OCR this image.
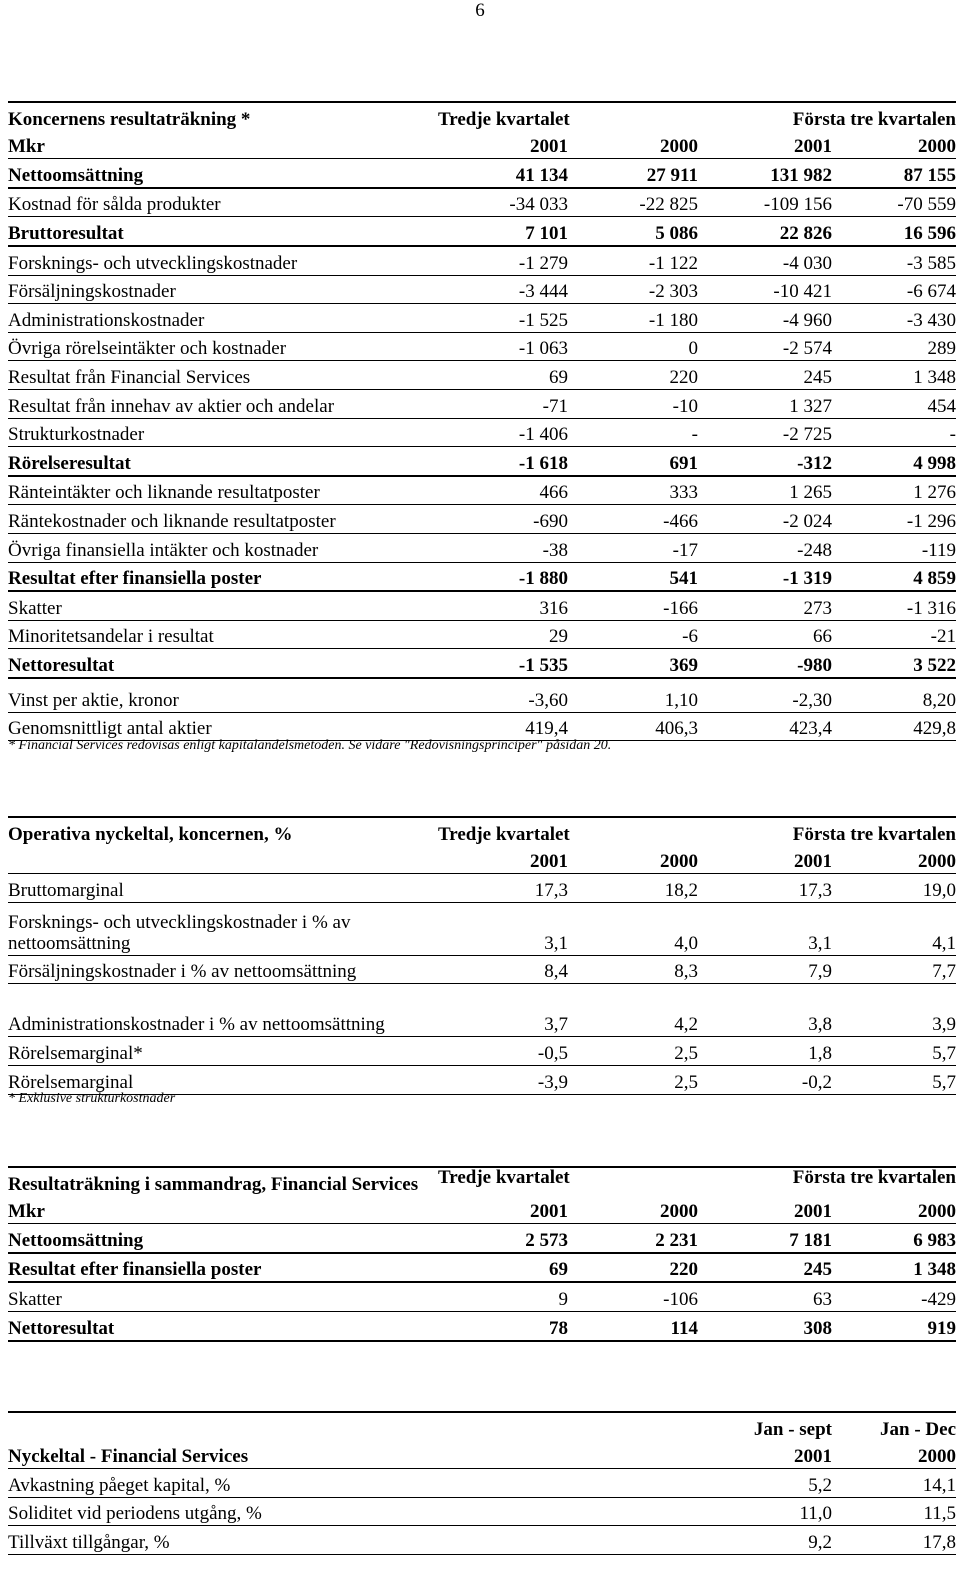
6
Koncernens resultaträkning *	Tredje kvartalet		Första tre kvartalen	
Mkr	2001	2000	2001	2000
Nettoomsättning	41 134	27 911	131 982	87 155
Kostnad för sålda produkter	-34 033	-22 825	-109 156	-70 559
Bruttoresultat	7 101	5 086	22 826	16 596
Forsknings- och utvecklingskostnader	-1 279	-1 122	-4 030	-3 585
Försäljningskostnader	-3 444	-2 303	-10 421	-6 674
Administrationskostnader	-1 525	-1 180	-4 960	-3 430
Övriga rörelseintäkter och kostnader	-1 063	0	-2 574	289
Resultat från Financial Services	69	220	245	1 348
Resultat från innehav av aktier och andelar	-71	-10	1 327	454
Strukturkostnader	-1 406	-	-2 725	-
Rörelseresultat	-1 618	691	-312	4 998
Ränteintäkter och liknande resultatposter	466	333	1 265	1 276
Räntekostnader och liknande resultatposter	-690	-466	-2 024	-1 296
Övriga finansiella intäkter och kostnader	-38	-17	-248	-119
Resultat efter finansiella poster	-1 880	541	-1 319	4 859
Skatter	316	-166	273	-1 316
Minoritetsandelar i resultat	29	-6	66	-21
Nettoresultat	-1 535	369	-980	3 522
Vinst per aktie, kronor	-3,60	1,10	-2,30	8,20
Genomsnittligt antal aktier	419,4	406,3	423,4	429,8
* Financial Services redovisas enligt kapitalandelsmetoden. Se vidare "Redovisningsprinciper" påsidan 20.
Operativa nyckeltal, koncernen, %	Tredje kvartalet		Första tre kvartalen	
	2001	2000	2001	2000
Bruttomarginal	17,3	18,2	17,3	19,0
Forsknings- och utvecklingskostnader i % av nettoomsättning	3,1	4,0	3,1	4,1
Försäljningskostnader i % av nettoomsättning	8,4	8,3	7,9	7,7
Administrationskostnader i % av nettoomsättning	3,7	4,2	3,8	3,9
Rörelsemarginal*	-0,5	2,5	1,8	5,7
Rörelsemarginal	-3,9	2,5	-0,2	5,7
* Exklusive strukturkostnader
Resultaträkning i sammandrag, Financial Services	Tredje kvartalet		Första tre kvartalen	
Mkr	2001	2000	2001	2000
Nettoomsättning	2 573	2 231	7 181	6 983
Resultat efter finansiella poster	69	220	245	1 348
Skatter	9	-106	63	-429
Nettoresultat	78	114	308	919
	Jan - sept	Jan - Dec
Nyckeltal - Financial Services	2001	2000
Avkastning påeget kapital, %	5,2	14,1
Soliditet vid periodens utgång, %	11,0	11,5
Tillväxt tillgångar, %	9,2	17,8
